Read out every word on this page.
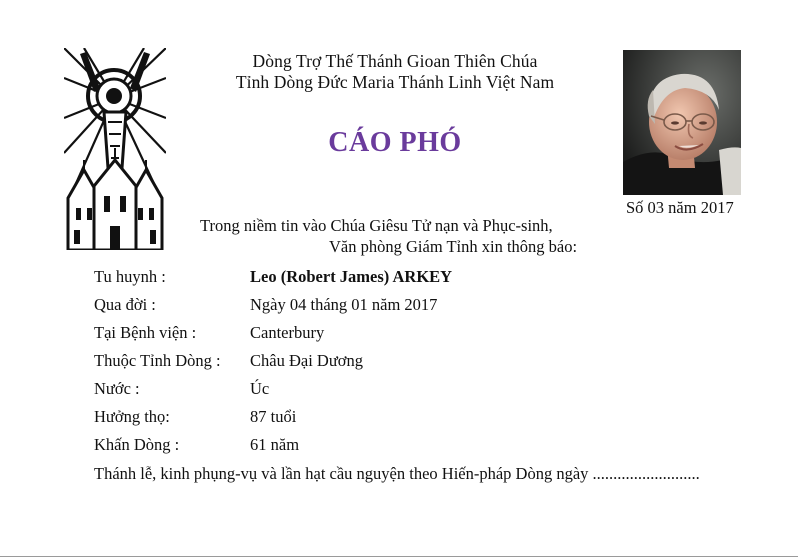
Dòng Trợ Thế Thánh Gioan Thiên Chúa
Tỉnh Dòng Đức Maria Thánh Linh Việt Nam
CÁO PHÓ
Số 03 năm 2017
Trong niềm tin vào Chúa Giêsu Tử nạn và Phục-sinh,
Văn phòng Giám Tỉnh xin thông báo:
Tu huynh :	Leo (Robert James) ARKEY
Qua đời :	Ngày 04 tháng 01 năm 2017
Tại Bệnh viện :	Canterbury
Thuộc Tỉnh Dòng : Châu Đại Dương
Nước :	Úc
Hưởng thọ:	87 tuổi
Khấn Dòng :	61 năm
Thánh lễ, kinh phụng-vụ và lần hạt cầu nguyện theo Hiến-pháp Dòng ngày ..........................
